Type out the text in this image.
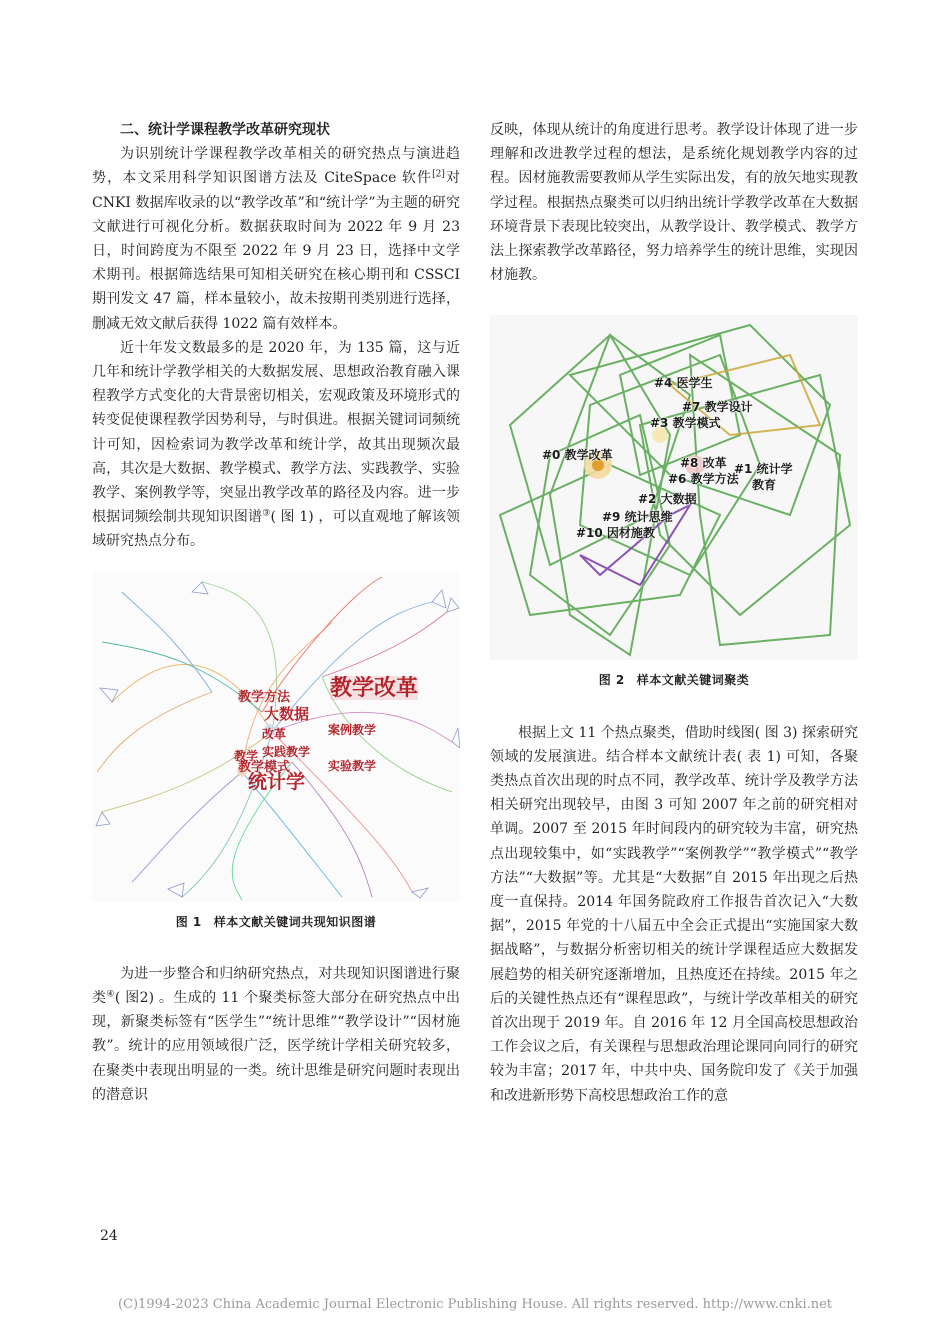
二、统计学课程教学改革研究现状

为识别统计学课程教学改革相关的研究热点与演进趋势，本文采用科学知识图谱方法及 CiteSpace 软件[2]对 CNKI 数据库收录的以“教学改革”和“统计学”为主题的研究文献进行可视化分析。数据获取时间为 2022 年 9 月 23 日，时间跨度为不限至 2022 年 9 月 23 日，选择中文学术期刊。根据筛选结果可知相关研究在核心期刊和 CSSCI 期刊发文 47 篇，样本量较小，故未按期刊类别进行选择，删减无效文献后获得 1022 篇有效样本。

近十年发文数最多的是 2020 年，为 135 篇，这与近几年和统计学教学相关的大数据发展、思想政治教育融入课程教学方式变化的大背景密切相关，宏观政策及环境形式的转变促使课程教学因势利导，与时俱进。根据关键词词频统计可知，因检索词为教学改革和统计学，故其出现频次最高，其次是大数据、教学模式、教学方法、实践教学、实验教学、案例教学等，突显出教学改革的路径及内容。进一步根据词频绘制共现知识图谱③( 图 1) ，可以直观地了解该领域研究热点分布。

教学改革
教学方法
大数据
案例教学
改革
实践教学
教学
教学模式	实验教学
统计学
图 1 样本文献关键词共现知识图谱

为进一步整合和归纳研究热点，对共现知识图谱进行聚类④( 图2) 。生成的 11 个聚类标签大部分在研究热点中出现，新聚类标签有“医学生”“统计思维”“教学设计”“因材施教”。统计的应用领域很广泛，医学统计学相关研究较多，在聚类中表现出明显的一类。统计思维是研究问题时表现出的潜意识

反映，体现从统计的角度进行思考。教学设计体现了进一步理解和改进教学过程的想法，是系统化规划教学内容的过程。因材施教需要教师从学生实际出发，有的放矢地实现教学过程。根据热点聚类可以归纳出统计学教学改革在大数据环境背景下表现比较突出，从教学设计、教学模式、教学方法上探索教学改革路径，努力培养学生的统计思维，实现因材施教。

#4 医学生
#7 教学设计
#3 教学模式
#0 教学改革
#8 改革 #1 统计学
#6 教学方法 教育
#2 大数据
#9 统计思维
#10 因材施教
图 2 样本文献关键词聚类

根据上文 11 个热点聚类，借助时线图( 图 3) 探索研究领域的发展演进。结合样本文献统计表( 表 1) 可知，各聚类热点首次出现的时点不同，教学改革、统计学及教学方法相关研究出现较早，由图 3 可知 2007 年之前的研究相对单调。2007 至 2015 年时间段内的研究较为丰富，研究热点出现较集中，如“实践教学”“案例教学”“教学模式”“教学方法”“大数据”等。尤其是“大数据”自 2015 年出现之后热度一直保持。2014 年国务院政府工作报告首次记入“大数据”，2015 年党的十八届五中全会正式提出“实施国家大数据战略”，与数据分析密切相关的统计学课程适应大数据发展趋势的相关研究逐渐增加，且热度还在持续。2015 年之后的关键性热点还有“课程思政”，与统计学改革相关的研究首次出现于 2019 年。自 2016 年 12 月全国高校思想政治工作会议之后，有关课程与思想政治理论课同向同行的研究较为丰富；2017 年，中共中央、国务院印发了《关于加强和改进新形势下高校思想政治工作的意

24
(C)1994-2023 China Academic Journal Electronic Publishing House. All rights reserved. http://www.cnki.net
